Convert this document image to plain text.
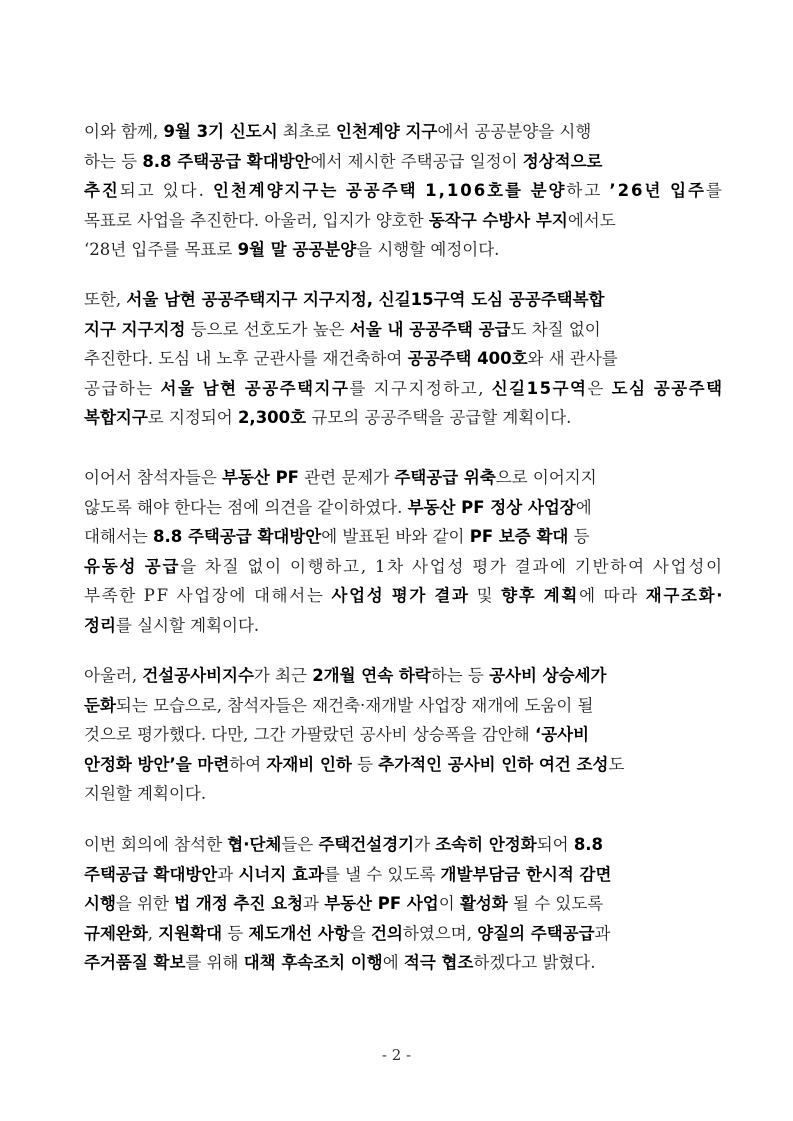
이와 함께, 9월 3기 신도시 최초로 인천계양 지구에서 공공분양을 시행
하는 등 8.8 주택공급 확대방안에서 제시한 주택공급 일정이 정상적으로
추진되고 있다. 인천계양지구는 공공주택 1,106호를 분양하고 ’26년 입주를
목표로 사업을 추진한다. 아울러, 입지가 양호한 동작구 수방사 부지에서도
‘28년 입주를 목표로 9월 말 공공분양을 시행할 예정이다.
또한, 서울 남현 공공주택지구 지구지정, 신길15구역 도심 공공주택복합
지구 지구지정 등으로 선호도가 높은 서울 내 공공주택 공급도 차질 없이
추진한다. 도심 내 노후 군관사를 재건축하여 공공주택 400호와 새 관사를
공급하는 서울 남현 공공주택지구를 지구지정하고, 신길15구역은 도심 공공주택
복합지구로 지정되어 2,300호 규모의 공공주택을 공급할 계획이다.
이어서 참석자들은 부동산 PF 관련 문제가 주택공급 위축으로 이어지지
않도록 해야 한다는 점에 의견을 같이하였다. 부동산 PF 정상 사업장에
대해서는 8.8 주택공급 확대방안에 발표된 바와 같이 PF 보증 확대 등
유동성 공급을 차질 없이 이행하고, 1차 사업성 평가 결과에 기반하여 사업성이
부족한 PF 사업장에 대해서는 사업성 평가 결과 및 향후 계획에 따라 재구조화·
정리를 실시할 계획이다.
아울러, 건설공사비지수가 최근 2개월 연속 하락하는 등 공사비 상승세가
둔화되는 모습으로, 참석자들은 재건축·재개발 사업장 재개에 도움이 될
것으로 평가했다. 다만, 그간 가팔랐던 공사비 상승폭을 감안해 ‘공사비
안정화 방안’을 마련하여 자재비 인하 등 추가적인 공사비 인하 여건 조성도
지원할 계획이다.
이번 회의에 참석한 협·단체들은 주택건설경기가 조속히 안정화되어 8.8
주택공급 확대방안과 시너지 효과를 낼 수 있도록 개발부담금 한시적 감면
시행을 위한 법 개정 추진 요청과 부동산 PF 사업이 활성화 될 수 있도록
규제완화, 지원확대 등 제도개선 사항을 건의하였으며, 양질의 주택공급과
주거품질 확보를 위해 대책 후속조치 이행에 적극 협조하겠다고 밝혔다.
- 2 -
